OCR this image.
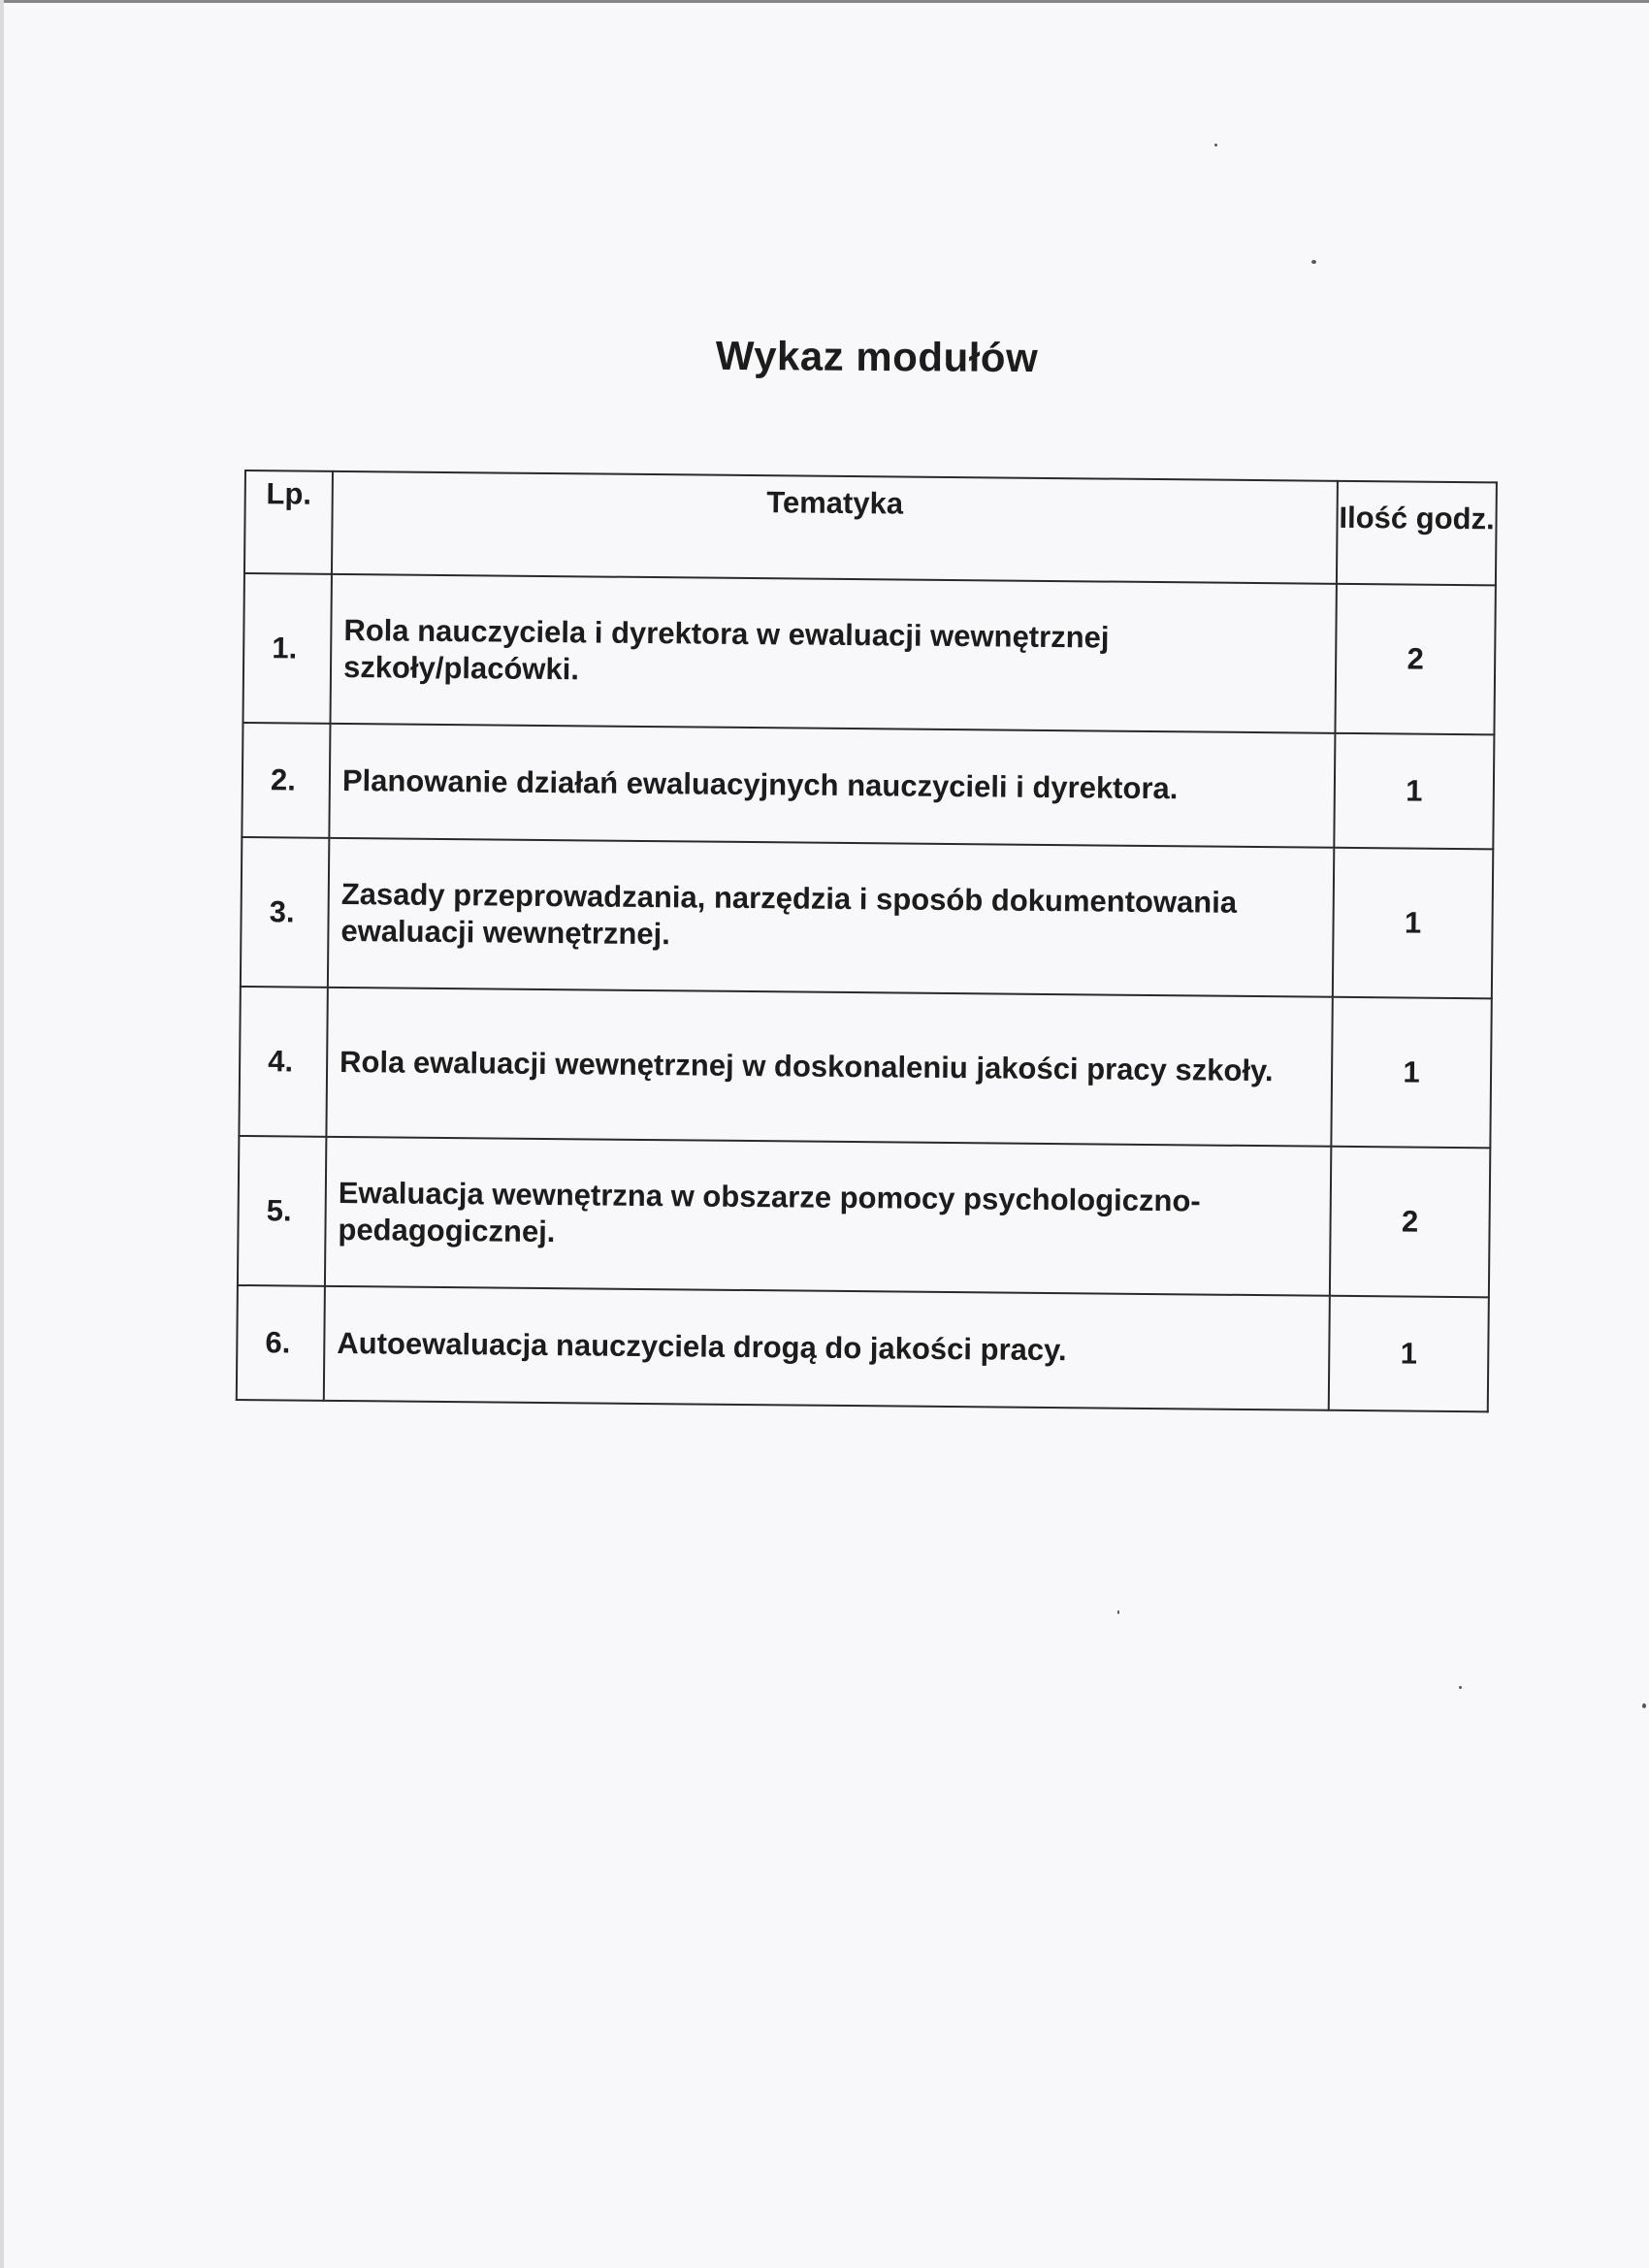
Wykaz modułów
Lp.	Tematyka	Ilość godz.
1.	Rola nauczyciela i dyrektora w ewaluacji wewnętrznej szkoły/placówki.	2
2.	Planowanie działań ewaluacyjnych nauczycieli i dyrektora.	1
3.	Zasady przeprowadzania, narzędzia i sposób dokumentowania ewaluacji wewnętrznej.	1
4.	Rola ewaluacji wewnętrznej w doskonaleniu jakości pracy szkoły.	1
5.	Ewaluacja wewnętrzna w obszarze pomocy psychologiczno-pedagogicznej.	2
6.	Autoewaluacja nauczyciela drogą do jakości pracy.	1
